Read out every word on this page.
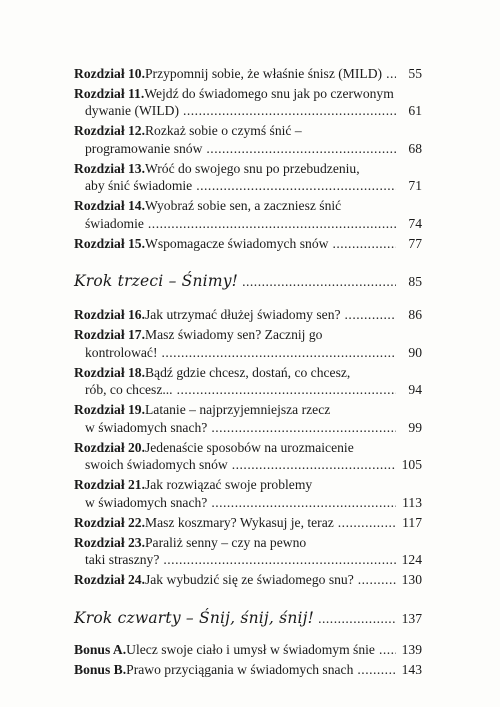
Rozdział 10. Przypomnij sobie, że właśnie śnisz (MILD) .....	55
Rozdział 11. Wejdź do świadomego snu jak po czerwonym
dywanie (WILD) .....	61
Rozdział 12. Rozkaż sobie o czymś śnić –
programowanie snów .....	68
Rozdział 13. Wróć do swojego snu po przebudzeniu,
aby śnić świadomie .....	71
Rozdział 14. Wyobraź sobie sen, a zaczniesz śnić
świadomie .....	74
Rozdział 15. Wspomagacze świadomych snów .....	77
Krok trzeci – Śnimy! .....	85
Rozdział 16. Jak utrzymać dłużej świadomy sen? .....	86
Rozdział 17. Masz świadomy sen? Zacznij go
kontrolować! .....	90
Rozdział 18. Bądź gdzie chcesz, dostań, co chcesz,
rób, co chcesz... .....	94
Rozdział 19. Latanie – najprzyjemniejsza rzecz
w świadomych snach? .....	99
Rozdział 20. Jedenaście sposobów na urozmaicenie
swoich świadomych snów .....	105
Rozdział 21. Jak rozwiązać swoje problemy
w świadomych snach? .....	113
Rozdział 22. Masz koszmary? Wykasuj je, teraz .....	117
Rozdział 23. Paraliż senny – czy na pewno
taki straszny? .....	124
Rozdział 24. Jak wybudzić się ze świadomego snu? .....	130
Krok czwarty – Śnij, śnij, śnij! .....	137
Bonus A. Ulecz swoje ciało i umysł w świadomym śnie ..... 139
Bonus B. Prawo przyciągania w świadomych snach .....	143
